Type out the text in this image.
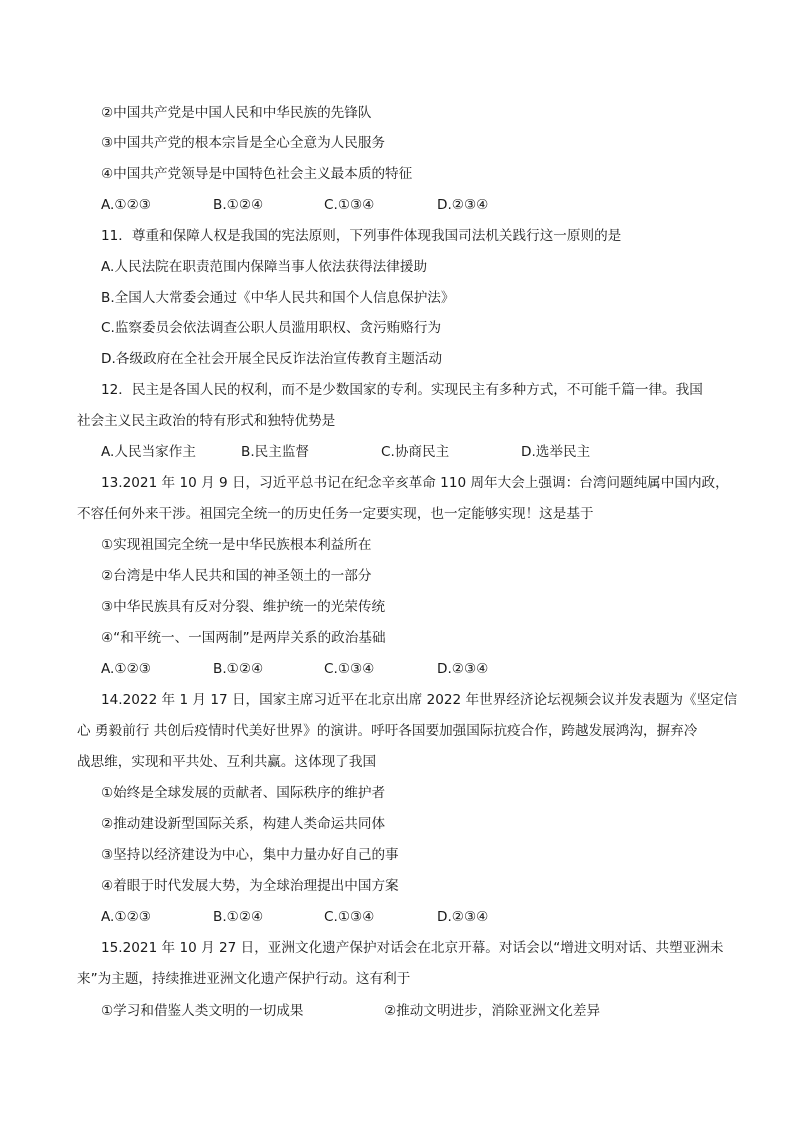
②中国共产党是中国人民和中华民族的先锋队
③中国共产党的根本宗旨是全心全意为人民服务
④中国共产党领导是中国特色社会主义最本质的特征
A.①②③	B.①②④	C.①③④	D.②③④
11．尊重和保障人权是我国的宪法原则，下列事件体现我国司法机关践行这一原则的是
A.人民法院在职责范围内保障当事人依法获得法律援助
B.全国人大常委会通过《中华人民共和国个人信息保护法》
C.监察委员会依法调查公职人员滥用职权、贪污贿赂行为
D.各级政府在全社会开展全民反诈法治宣传教育主题活动
12．民主是各国人民的权利，而不是少数国家的专利。实现民主有多种方式，不可能千篇一律。我国
社会主义民主政治的特有形式和独特优势是
A.人民当家作主	B.民主监督	C.协商民主	D.选举民主
13.2021 年 10 月 9 日，习近平总书记在纪念辛亥革命 110 周年大会上强调：台湾问题纯属中国内政，
不容任何外来干涉。祖国完全统一的历史任务一定要实现，也一定能够实现！这是基于
①实现祖国完全统一是中华民族根本利益所在
②台湾是中华人民共和国的神圣领土的一部分
③中华民族具有反对分裂、维护统一的光荣传统
④“和平统一、一国两制”是两岸关系的政治基础
A.①②③	B.①②④	C.①③④	D.②③④
14.2022 年 1 月 17 日，国家主席习近平在北京出席 2022 年世界经济论坛视频会议并发表题为《坚定信
心 勇毅前行 共创后疫情时代美好世界》的演讲。呼吁各国要加强国际抗疫合作，跨越发展鸿沟，摒弃冷
战思维，实现和平共处、互利共赢。这体现了我国
①始终是全球发展的贡献者、国际秩序的维护者
②推动建设新型国际关系，构建人类命运共同体
③坚持以经济建设为中心，集中力量办好自己的事
④着眼于时代发展大势，为全球治理提出中国方案
A.①②③	B.①②④	C.①③④	D.②③④
15.2021 年 10 月 27 日，亚洲文化遗产保护对话会在北京开幕。对话会以“增进文明对话、共塑亚洲未
来”为主题，持续推进亚洲文化遗产保护行动。这有利于
①学习和借鉴人类文明的一切成果	②推动文明进步，消除亚洲文化差异
